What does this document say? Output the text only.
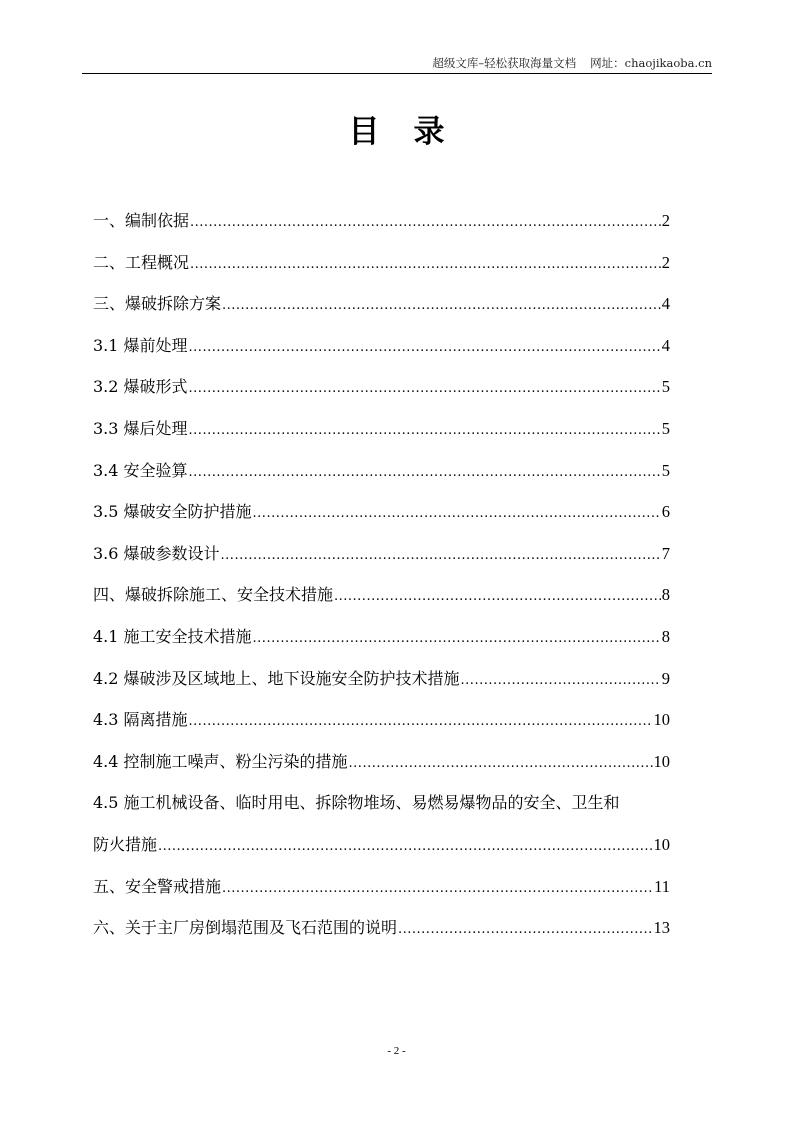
超级文库–轻松获取海量文档 网址：chaojikaoba.cn
目录
一、编制依据 .....	2
二、工程概况 .....	2
三、爆破拆除方案 .....	4
3.1 爆前处理 .....	4
3.2 爆破形式 .....	5
3.3 爆后处理 .....	5
3.4 安全验算 .....	5
3.5 爆破安全防护措施 .....	6
3.6 爆破参数设计 .....	7
四、爆破拆除施工、安全技术措施 .....	8
4.1 施工安全技术措施 .....	8
4.2 爆破涉及区域地上、地下设施安全防护技术措施 .....	9
4.3 隔离措施 .....	10
4.4 控制施工噪声、粉尘污染的措施 .....	10
4.5 施工机械设备、临时用电、拆除物堆场、易燃易爆物品的安全、卫生和
防火措施 .....	10
五、安全警戒措施 .....	11
六、关于主厂房倒塌范围及飞石范围的说明 .....	13
- 2 -
